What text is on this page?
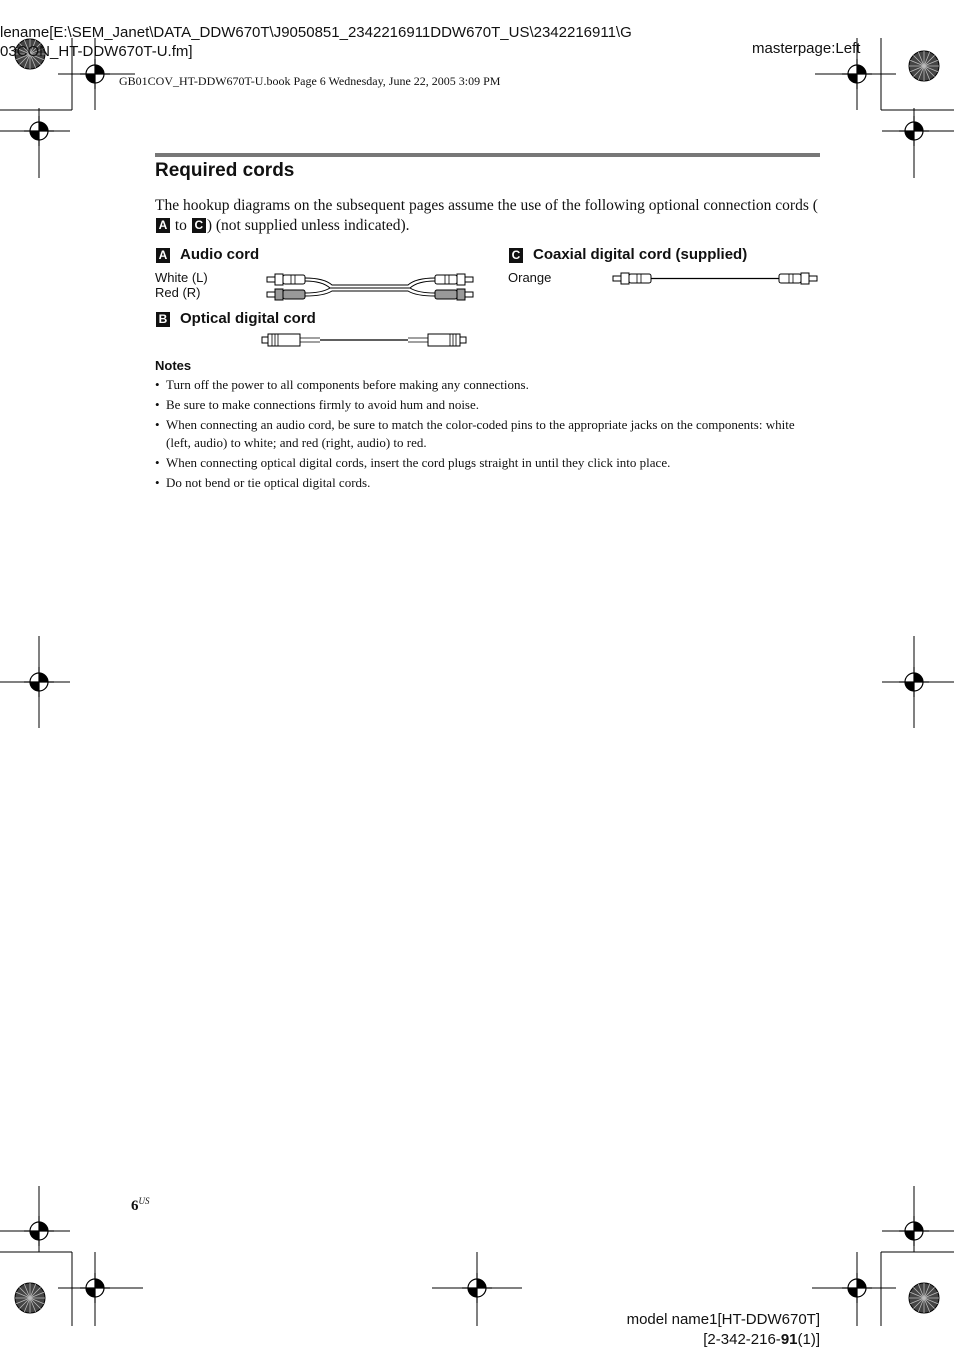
lename[E:\SEM_Janet\DATA_DDW670T\J9050851_2342216911DDW670T_US\2342216911\G
03CON_HT-DDW670T-U.fm]	masterpage:Left
GB01COV_HT-DDW670T-U.book Page 6 Wednesday, June 22, 2005 3:09 PM
Required cords
The hookup diagrams on the subsequent pages assume the use of the following optional connection cords (A to C ) (not supplied unless indicated).
A Audio cord
White (L)
Red (R)
B Optical digital cord
C Coaxial digital cord (supplied)
Orange
Notes
• Turn off the power to all components before making any connections.
• Be sure to make connections firmly to avoid hum and noise.
• When connecting an audio cord, be sure to match the color-coded pins to the appropriate jacks on the components: white (left, audio) to white; and red (right, audio) to red.
• When connecting optical digital cords, insert the cord plugs straight in until they click into place.
• Do not bend or tie optical digital cords.
$6^{US}$
model name1[HT-DDW670T]
[2-342-216-91(1)]
